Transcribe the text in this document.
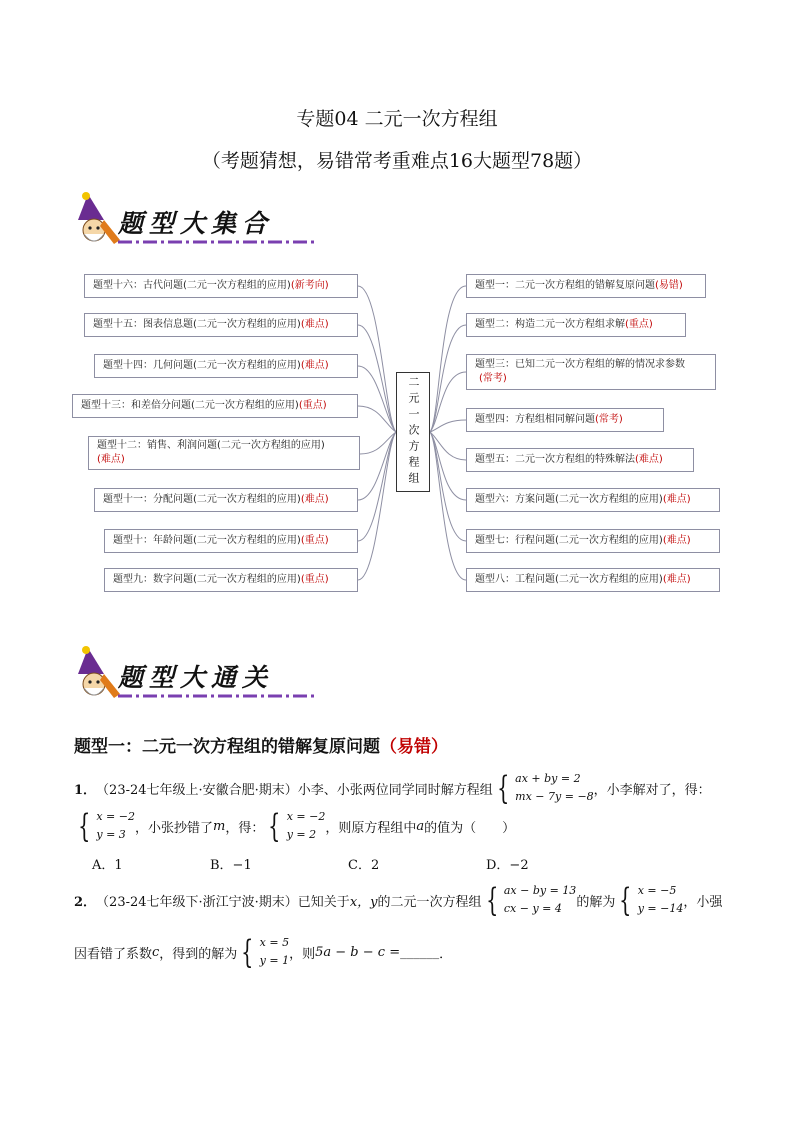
专题04 二元一次方程组
（考题猜想，易错常考重难点16大题型78题）
题型大集合
二元一次方程组
题型十六：古代问题(二元一次方程组的应用) (新考向)
题型十五：图表信息题(二元一次方程组的应用) (难点)
题型十四：几何问题(二元一次方程组的应用) (难点)
题型十三：和差倍分问题(二元一次方程组的应用) (重点)
题型十二：销售、利润问题(二元一次方程组的应用)
(难点)
题型十一：分配问题(二元一次方程组的应用) (难点)
题型十：年龄问题(二元一次方程组的应用) (重点)
题型九：数字问题(二元一次方程组的应用) (重点)
题型一：二元一次方程组的错解复原问题 (易错)
题型二：构造二元一次方程组求解 (重点)
题型三：已知二元一次方程组的解的情况求参数
(常考)
题型四：方程组相同解问题 (常考)
题型五：二元一次方程组的特殊解法 (难点)
题型六：方案问题(二元一次方程组的应用) (难点)
题型七：行程问题(二元一次方程组的应用) (难点)
题型八：工程问题(二元一次方程组的应用) (难点)
题型大通关
题型一：二元一次方程组的错解复原问题（易错）
1． （23-24七年级上·安徽合肥·期末） 小李、小张两位同学同时解方程组 { ax + by = 2
mx − 7y = −8 ，小李解对了，得：
{ x = −2
y = 3 ，小张抄错了 m ，得： { x = −2
y = 2 ，则原方程组中 a 的值为（　　）
A．1	B．−1	C．2	D．−2
2． （23-24七年级下·浙江宁波·期末） 已知关于 x，y 的二元一次方程组 { ax − by = 13
cx − y = 4	的解为 { x = −5
y = −14 ，小强
因看错了系数 c ，得到的解为 { x = 5
y = 1 ，则 5a − b − c = ______ ．
